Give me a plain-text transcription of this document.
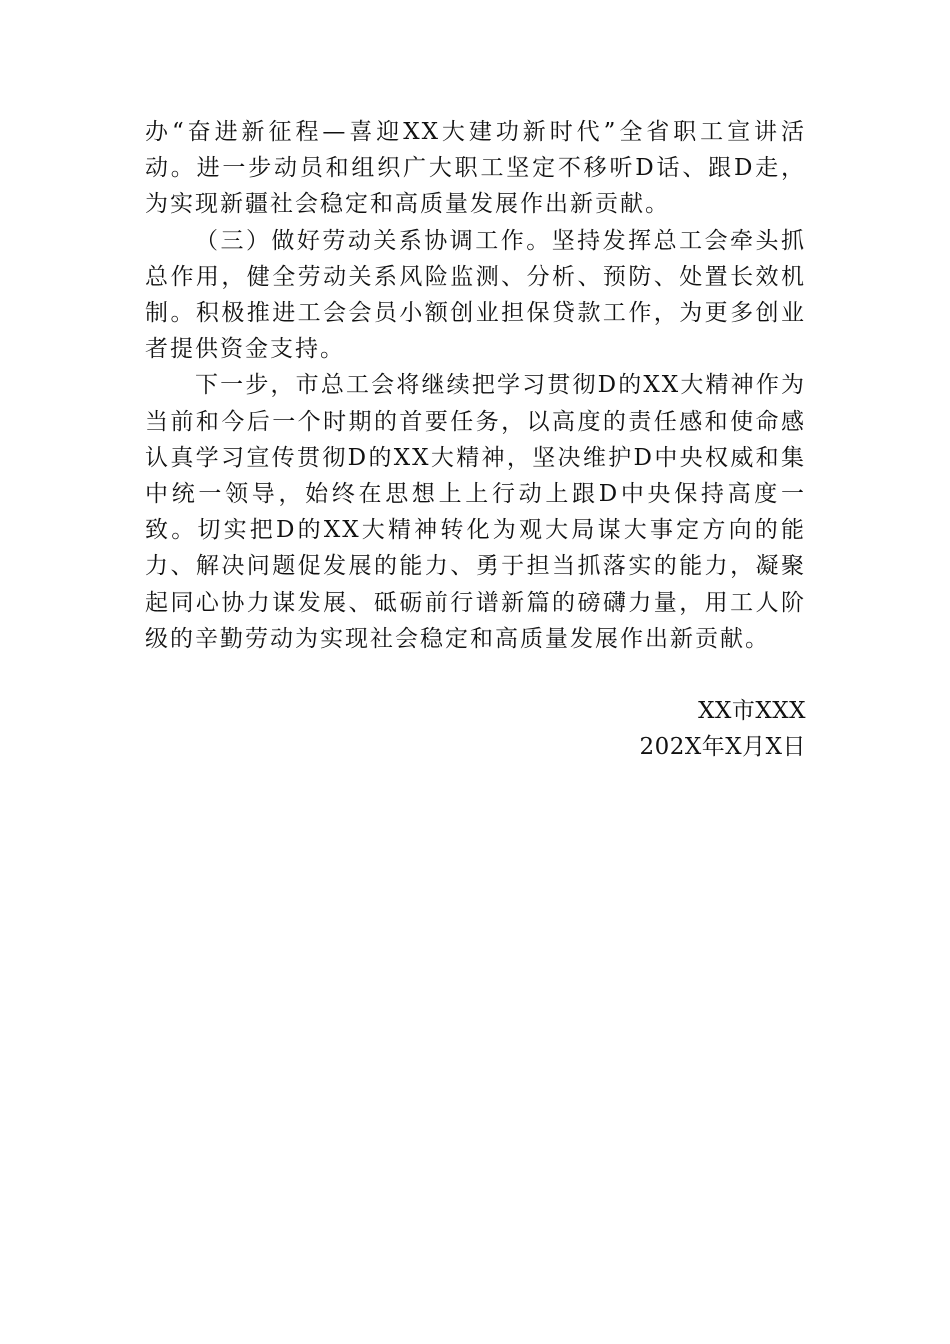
办“奋进新征程—喜迎XX大建功新时代”全省职工宣讲活动。进一步动员和组织广大职工坚定不移听D话、跟D走，为实现新疆社会稳定和高质量发展作出新贡献。

（三）做好劳动关系协调工作。坚持发挥总工会牵头抓总作用，健全劳动关系风险监测、分析、预防、处置长效机制。积极推进工会会员小额创业担保贷款工作，为更多创业者提供资金支持。

下一步，市总工会将继续把学习贯彻D的XX大精神作为当前和今后一个时期的首要任务，以高度的责任感和使命感认真学习宣传贯彻D的XX大精神，坚决维护D中央权威和集中统一领导，始终在思想上上行动上跟D中央保持高度一致。切实把D的XX大精神转化为观大局谋大事定方向的能力、解决问题促发展的能力、勇于担当抓落实的能力，凝聚起同心协力谋发展、砥砺前行谱新篇的磅礴力量，用工人阶级的辛勤劳动为实现社会稳定和高质量发展作出新贡献。

XX市XXX
202X年X月X日
